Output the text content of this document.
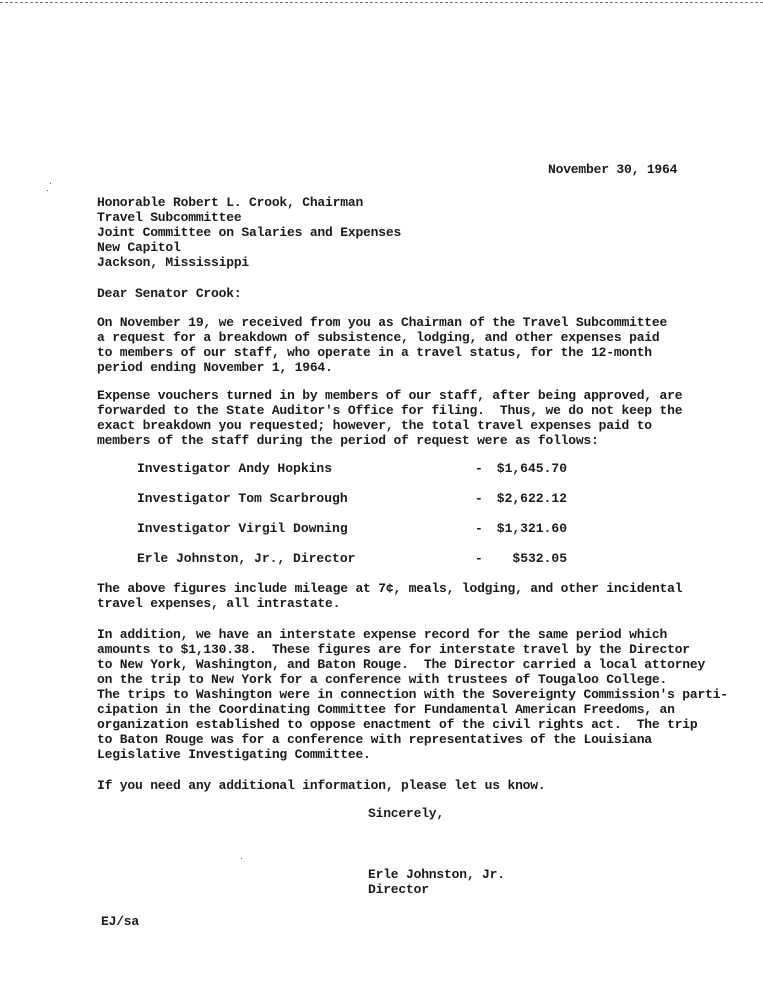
November 30, 1964
Honorable Robert L. Crook, Chairman
Travel Subcommittee
Joint Committee on Salaries and Expenses
New Capitol
Jackson, Mississippi
Dear Senator Crook:
On November 19, we received from you as Chairman of the Travel Subcommittee
a request for a breakdown of subsistence, lodging, and other expenses paid
to members of our staff, who operate in a travel status, for the 12-month
period ending November 1, 1964.
Expense vouchers turned in by members of our staff, after being approved, are
forwarded to the State Auditor's Office for filing.  Thus, we do not keep the
exact breakdown you requested; however, the total travel expenses paid to
members of the staff during the period of request were as follows:
Investigator Andy Hopkins	- $1,645.70
Investigator Tom Scarbrough	- $2,622.12
Investigator Virgil Downing	- $1,321.60
Erle Johnston, Jr., Director	- $532.05
The above figures include mileage at 7¢, meals, lodging, and other incidental
travel expenses, all intrastate.
In addition, we have an interstate expense record for the same period which
amounts to $1,130.38.  These figures are for interstate travel by the Director
to New York, Washington, and Baton Rouge.  The Director carried a local attorney
on the trip to New York for a conference with trustees of Tougaloo College.
The trips to Washington were in connection with the Sovereignty Commission's parti-
cipation in the Coordinating Committee for Fundamental American Freedoms, an
organization established to oppose enactment of the civil rights act.  The trip
to Baton Rouge was for a conference with representatives of the Louisiana
Legislative Investigating Committee.
If you need any additional information, please let us know.
Sincerely,
Erle Johnston, Jr.
Director
EJ/sa
